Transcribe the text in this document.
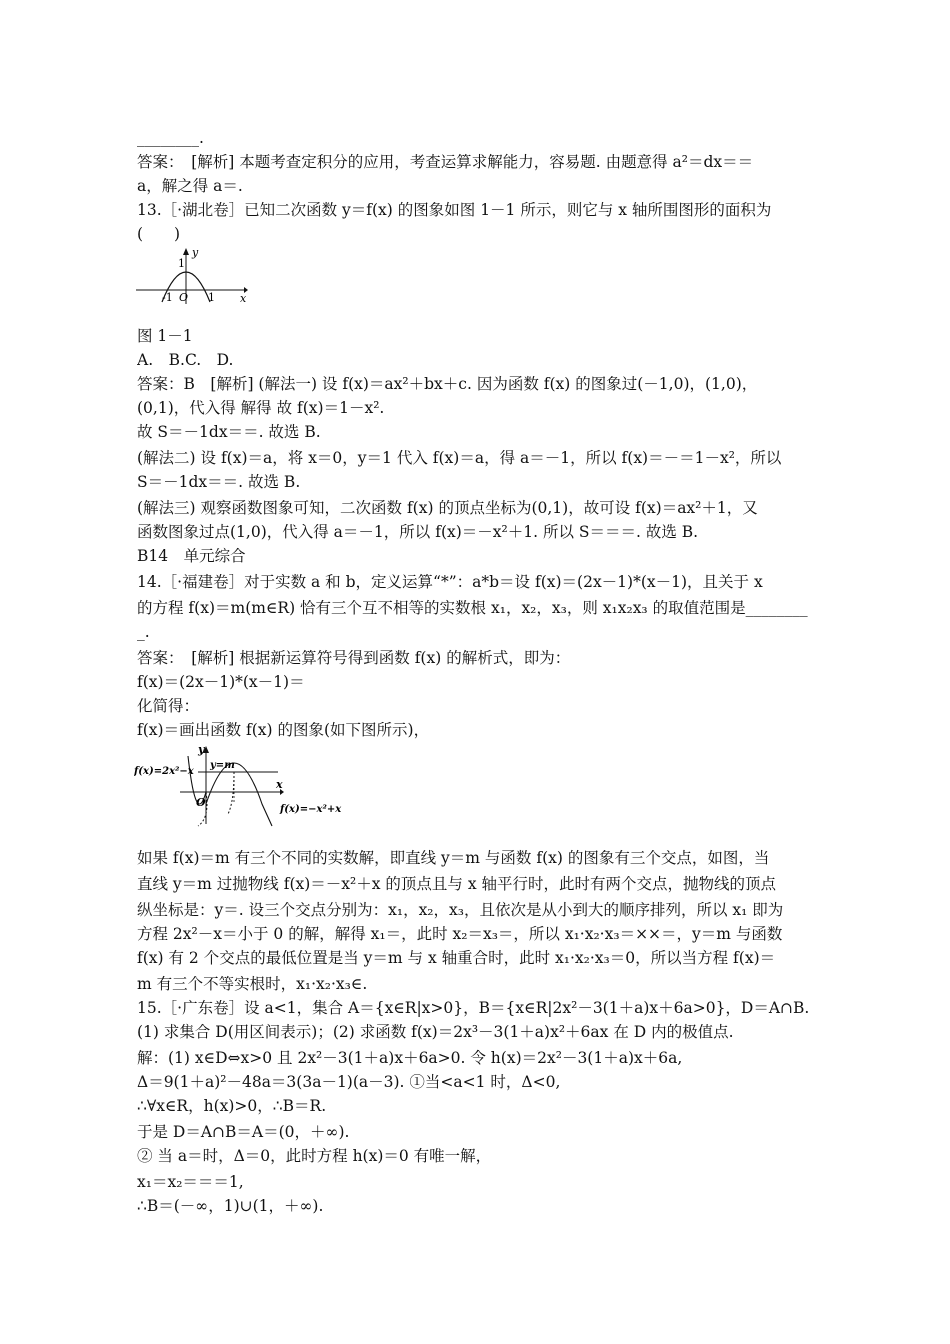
________.
答案：　[解析] 本题考查定积分的应用，考查运算求解能力，容易题. 由题意得 a²＝dx＝＝
a，解之得 a＝.
13.［·湖北卷］已知二次函数 y＝f(x) 的图象如图 1－1 所示，则它与 x 轴所围图形的面积为
(　　)
y
x
1
-1 O 1
图 1－1
A.　B.C.　D.
答案：B　[解析] (解法一) 设 f(x)＝ax²＋bx＋c. 因为函数 f(x) 的图象过(－1,0)，(1,0)，
(0,1)，代入得 解得 故 f(x)＝1－x².
故 S＝－1dx＝＝. 故选 B.
(解法二) 设 f(x)＝a，将 x＝0，y＝1 代入 f(x)＝a，得 a＝－1，所以 f(x)＝－＝1－x²，所以
S＝－1dx＝＝. 故选 B.
(解法三) 观察函数图象可知，二次函数 f(x) 的顶点坐标为(0,1)，故可设 f(x)＝ax²＋1，又
函数图象过点(1,0)，代入得 a＝－1，所以 f(x)＝－x²＋1. 所以 S＝＝＝. 故选 B.
B14　单元综合
14.［·福建卷］对于实数 a 和 b，定义运算“*”：a*b＝设 f(x)＝(2x－1)*(x－1)，且关于 x
的方程 f(x)＝m(m∈R) 恰有三个互不相等的实数根 x₁，x₂，x₃，则 x₁x₂x₃ 的取值范围是________
_.
答案：　[解析] 根据新运算符号得到函数 f(x) 的解析式，即为：
f(x)＝(2x－1)*(x－1)＝
化简得：
f(x)＝画出函数 f(x) 的图象(如下图所示)，
y
x
O
y=m
f(x)=2x²−x
f(x)=−x²+x
如果 f(x)＝m 有三个不同的实数解，即直线 y＝m 与函数 f(x) 的图象有三个交点，如图，当
直线 y＝m 过抛物线 f(x)＝－x²＋x 的顶点且与 x 轴平行时，此时有两个交点，抛物线的顶点
纵坐标是：y＝. 设三个交点分别为：x₁，x₂，x₃，且依次是从小到大的顺序排列，所以 x₁ 即为
方程 2x²－x＝小于 0 的解，解得 x₁＝，此时 x₂＝x₃＝，所以 x₁·x₂·x₃＝××＝，y＝m 与函数
f(x) 有 2 个交点的最低位置是当 y＝m 与 x 轴重合时，此时 x₁·x₂·x₃＝0，所以当方程 f(x)＝
m 有三个不等实根时，x₁·x₂·x₃∈.
15.［·广东卷］设 a<1，集合 A＝{x∈R|x>0}，B＝{x∈R|2x²－3(1＋a)x＋6a>0}，D＝A∩B.
(1) 求集合 D(用区间表示)；(2) 求函数 f(x)＝2x³－3(1＋a)x²＋6ax 在 D 内的极值点.
解：(1) x∈D⇔x>0 且 2x²－3(1＋a)x＋6a>0. 令 h(x)＝2x²－3(1＋a)x＋6a,
Δ＝9(1＋a)²－48a＝3(3a－1)(a－3). ①当<a<1 时，Δ<0,
∴∀x∈R，h(x)>0，∴B＝R.
于是 D＝A∩B＝A＝(0，＋∞).
② 当 a＝时，Δ＝0，此时方程 h(x)＝0 有唯一解，
x₁＝x₂＝＝＝1,
∴B＝(－∞，1)∪(1，＋∞).
